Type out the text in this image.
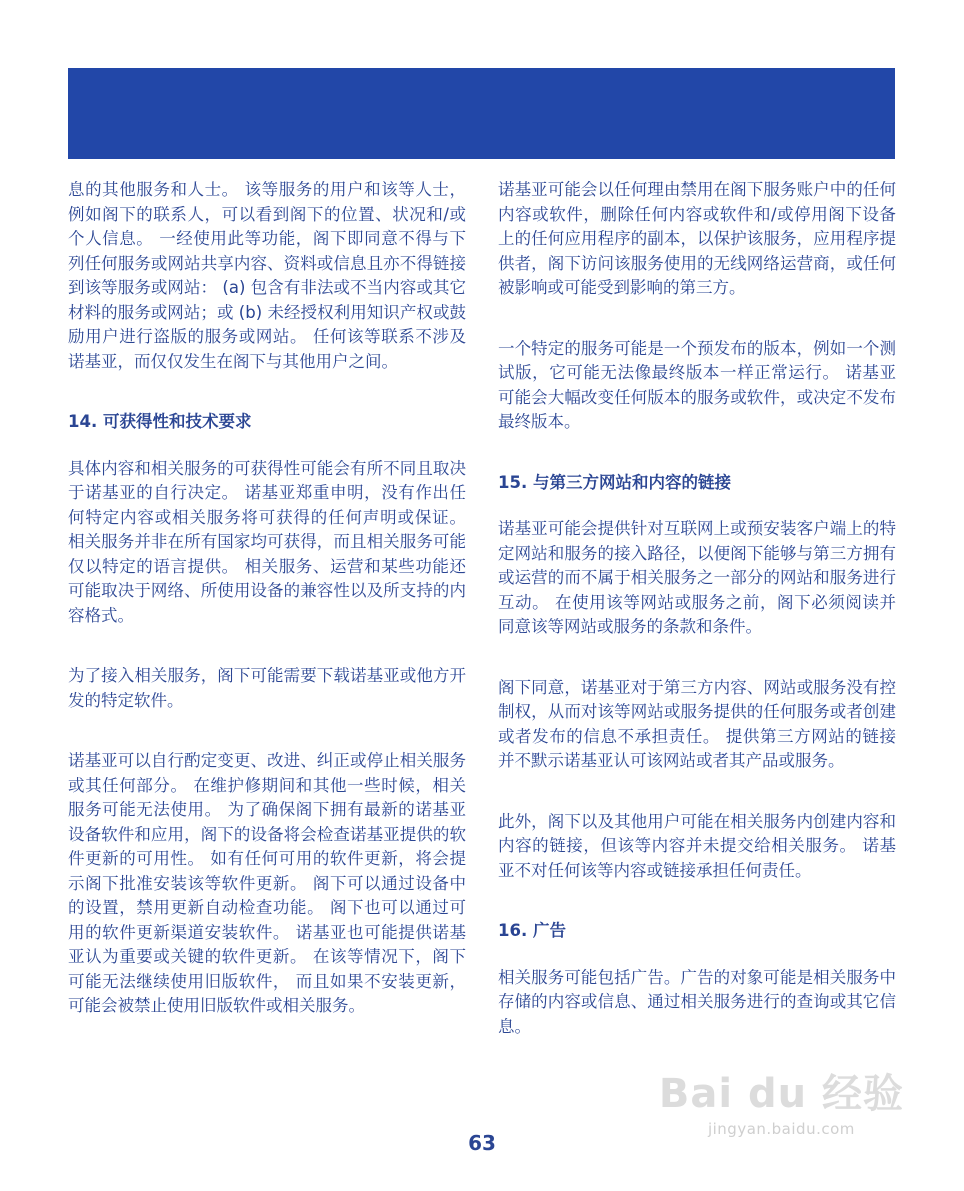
息的其他服务和人士。 该等服务的用户和该等人士，例如阁下的联系人，可以看到阁下的位置、状况和/或个人信息。 一经使用此等功能，阁下即同意不得与下列任何服务或网站共享内容、资料或信息且亦不得链接到该等服务或网站： (a) 包含有非法或不当内容或其它材料的服务或网站；或 (b) 未经授权利用知识产权或鼓励用户进行盗版的服务或网站。 任何该等联系不涉及诺基亚，而仅仅发生在阁下与其他用户之间。

14. 可获得性和技术要求

具体内容和相关服务的可获得性可能会有所不同且取决于诺基亚的自行决定。 诺基亚郑重申明，没有作出任何特定内容或相关服务将可获得的任何声明或保证。 相关服务并非在所有国家均可获得，而且相关服务可能仅以特定的语言提供。 相关服务、运营和某些功能还可能取决于网络、所使用设备的兼容性以及所支持的内容格式。

为了接入相关服务，阁下可能需要下载诺基亚或他方开发的特定软件。

诺基亚可以自行酌定变更、改进、纠正或停止相关服务或其任何部分。 在维护修期间和其他一些时候，相关服务可能无法使用。 为了确保阁下拥有最新的诺基亚设备软件和应用，阁下的设备将会检查诺基亚提供的软件更新的可用性。 如有任何可用的软件更新，将会提示阁下批准安装该等软件更新。 阁下可以通过设备中的设置，禁用更新自动检查功能。 阁下也可以通过可用的软件更新渠道安装软件。 诺基亚也可能提供诺基亚认为重要或关键的软件更新。 在该等情况下，阁下可能无法继续使用旧版软件， 而且如果不安装更新，可能会被禁止使用旧版软件或相关服务。

诺基亚可能会以任何理由禁用在阁下服务账户中的任何内容或软件，删除任何内容或软件和/或停用阁下设备上的任何应用程序的副本，以保护该服务，应用程序提供者，阁下访问该服务使用的无线网络运营商，或任何被影响或可能受到影响的第三方。

一个特定的服务可能是一个预发布的版本，例如一个测试版，它可能无法像最终版本一样正常运行。 诺基亚可能会大幅改变任何版本的服务或软件，或决定不发布最终版本。

15. 与第三方网站和内容的链接

诺基亚可能会提供针对互联网上或预安装客户端上的特定网站和服务的接入路径，以便阁下能够与第三方拥有或运营的而不属于相关服务之一部分的网站和服务进行互动。 在使用该等网站或服务之前，阁下必须阅读并同意该等网站或服务的条款和条件。

阁下同意，诺基亚对于第三方内容、网站或服务没有控制权，从而对该等网站或服务提供的任何服务或者创建或者发布的信息不承担责任。 提供第三方网站的链接并不默示诺基亚认可该网站或者其产品或服务。

此外，阁下以及其他用户可能在相关服务内创建内容和内容的链接，但该等内容并未提交给相关服务。 诺基亚不对任何该等内容或链接承担任何责任。

16. 广告

相关服务可能包括广告。广告的对象可能是相关服务中存储的内容或信息、通过相关服务进行的查询或其它信息。

63
Bai du 经验
jingyan.baidu.com
